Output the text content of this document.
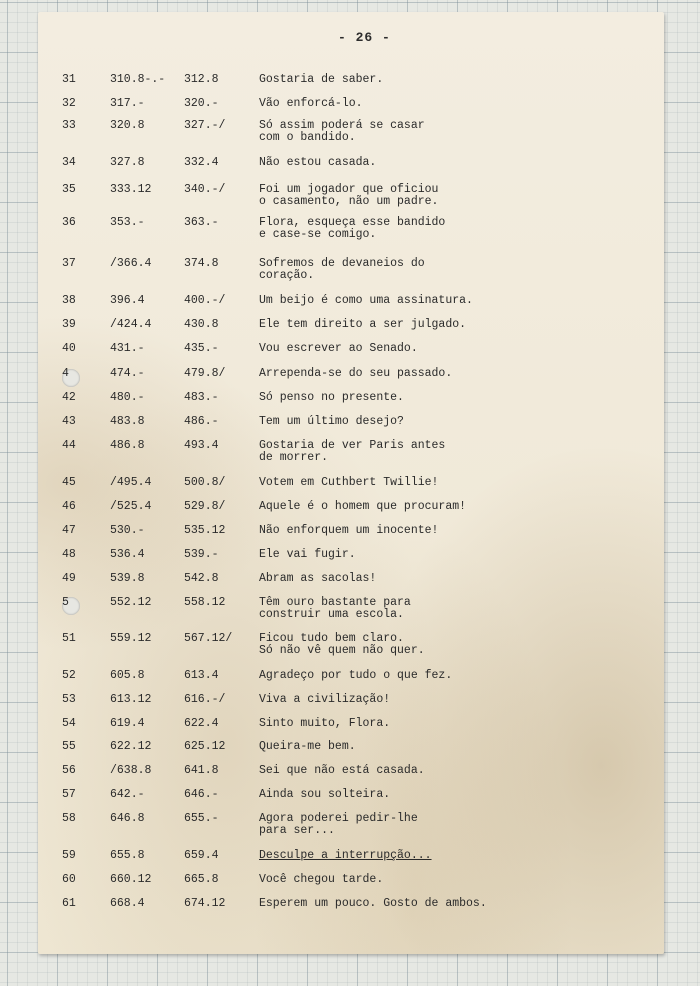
- 26 -
31	310.8-.- 312.8	Gostaria de saber.
32	317.-	320.-	Vão enforcá-lo.
33	320.8	327.-/	Só assim poderá se casar
com o bandido.
34	327.8	332.4	Não estou casada.
35	333.12	340.-/	Foi um jogador que oficiou
o casamento, não um padre.
36	353.-	363.-	Flora, esqueça esse bandido
e case-se comigo.
37	/366.4	374.8	Sofremos de devaneios do
coração.
38	396.4	400.-/	Um beijo é como uma assinatura.
39	/424.4	430.8	Ele tem direito a ser julgado.
40	431.-	435.-	Vou escrever ao Senado.
4	474.-	479.8/	Arrependa-se do seu passado.
42	480.-	483.-	Só penso no presente.
43	483.8	486.-	Tem um último desejo?
44	486.8	493.4	Gostaria de ver Paris antes
de morrer.
45	/495.4	500.8/	Votem em Cuthbert Twillie!
46	/525.4	529.8/	Aquele é o homem que procuram!
47	530.-	535.12	Não enforquem um inocente!
48	536.4	539.-	Ele vai fugir.
49	539.8	542.8	Abram as sacolas!
5	552.12	558.12	Têm ouro bastante para
construir uma escola.
51	559.12	567.12/ Ficou tudo bem claro.
Só não vê quem não quer.
52	605.8	613.4	Agradeço por tudo o que fez.
53	613.12	616.-/	Viva a civilização!
54	619.4	622.4	Sinto muito, Flora.
55	622.12	625.12	Queira-me bem.
56	/638.8	641.8	Sei que não está casada.
57	642.-	646.-	Ainda sou solteira.
58	646.8	655.-	Agora poderei pedir-lhe
para ser...
59	655.8	659.4	Desculpe a interrupção...
60	660.12	665.8	Você chegou tarde.
61	668.4	674.12	Esperem um pouco. Gosto de ambos.
